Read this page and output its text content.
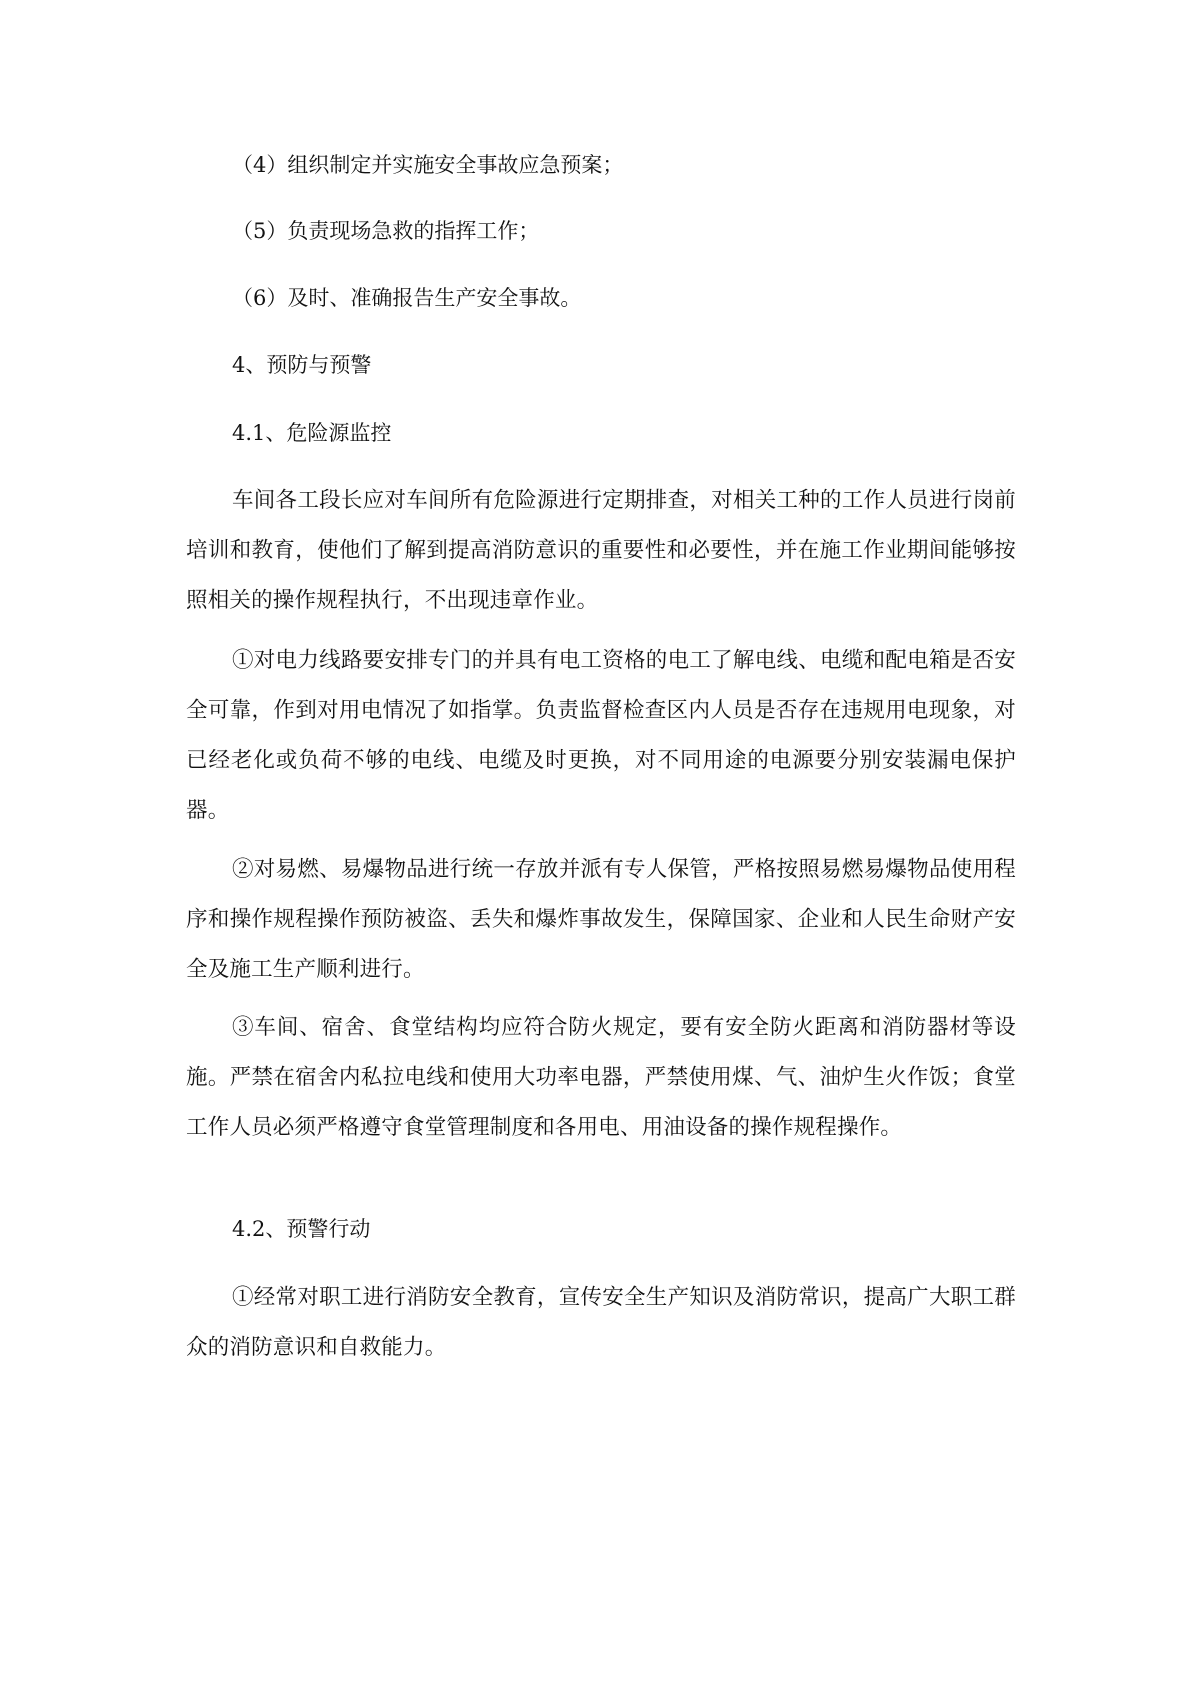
（4）组织制定并实施安全事故应急预案；
（5）负责现场急救的指挥工作；
（6）及时、准确报告生产安全事故。
4、预防与预警
4.1、危险源监控
车间各工段长应对车间所有危险源进行定期排查，对相关工种的工作人员进行岗前培训和教育，使他们了解到提高消防意识的重要性和必要性，并在施工作业期间能够按照相关的操作规程执行，不出现违章作业。
①对电力线路要安排专门的并具有电工资格的电工了解电线、电缆和配电箱是否安全可靠，作到对用电情况了如指掌。负责监督检查区内人员是否存在违规用电现象，对已经老化或负荷不够的电线、电缆及时更换，对不同用途的电源要分别安装漏电保护器。
②对易燃、易爆物品进行统一存放并派有专人保管，严格按照易燃易爆物品使用程序和操作规程操作预防被盗、丢失和爆炸事故发生，保障国家、企业和人民生命财产安全及施工生产顺利进行。
③车间、宿舍、食堂结构均应符合防火规定，要有安全防火距离和消防器材等设施。严禁在宿舍内私拉电线和使用大功率电器，严禁使用煤、气、油炉生火作饭；食堂工作人员必须严格遵守食堂管理制度和各用电、用油设备的操作规程操作。
4.2、预警行动
①经常对职工进行消防安全教育，宣传安全生产知识及消防常识，提高广大职工群众的消防意识和自救能力。
